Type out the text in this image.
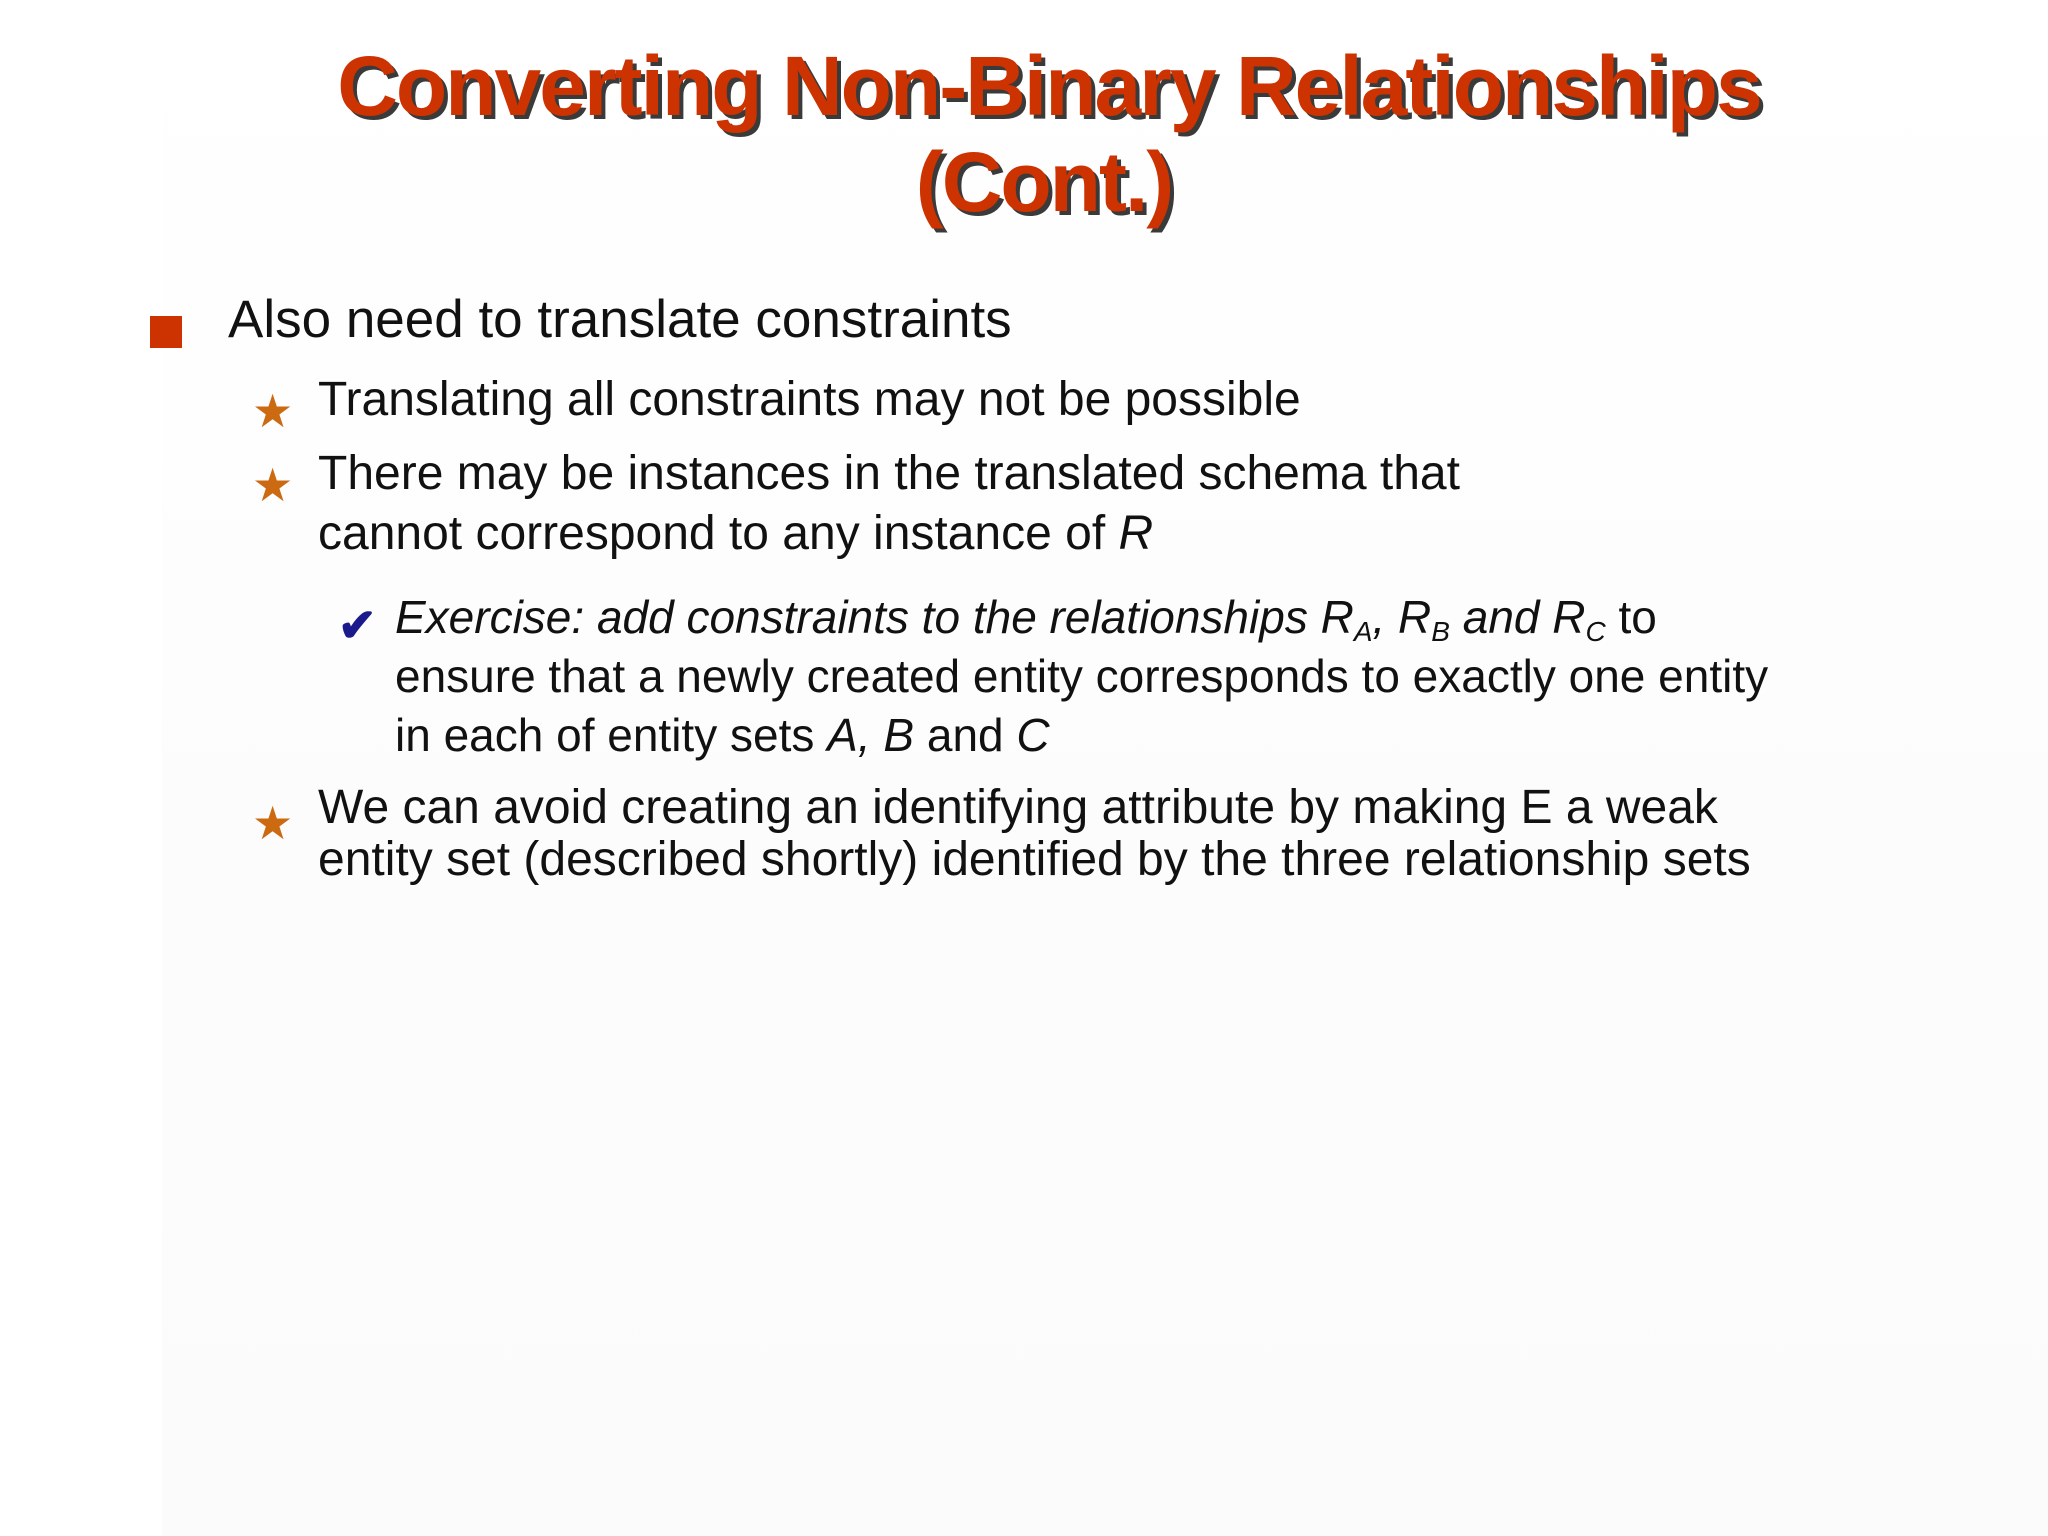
Converting Non-Binary Relationships
(Cont.)
Also need to translate constraints
★ Translating all constraints may not be possible
★ There may be instances in the translated schema that
cannot correspond to any instance of R
✔ Exercise: add constraints to the relationships $R_A$, $R_B$ and $R_C$ to
ensure that a newly created entity corresponds to exactly one entity
in each of entity sets A, B and C
★ We can avoid creating an identifying attribute by making E a weak
entity set (described shortly) identified by the three relationship sets
